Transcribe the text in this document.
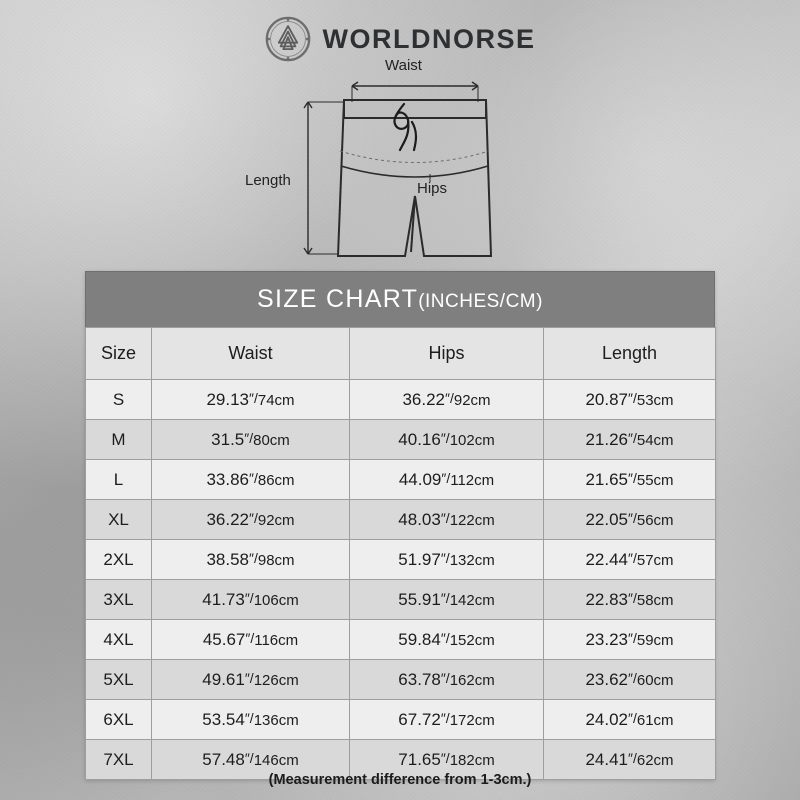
WORLDNORSE
Waist
Length	Hips
SIZE CHART(INCHES/CM)
Size	Waist	Hips	Length
S	29.13″/74cm	36.22″/92cm	20.87″/53cm
M	31.5″/80cm	40.16″/102cm	21.26″/54cm
L	33.86″/86cm	44.09″/112cm	21.65″/55cm
XL	36.22″/92cm	48.03″/122cm	22.05″/56cm
2XL	38.58″/98cm	51.97″/132cm	22.44″/57cm
3XL	41.73″/106cm	55.91″/142cm	22.83″/58cm
4XL	45.67″/116cm	59.84″/152cm	23.23″/59cm
5XL	49.61″/126cm	63.78″/162cm	23.62″/60cm
6XL	53.54″/136cm	67.72″/172cm	24.02″/61cm
7XL	57.48″/146cm	71.65″/182cm	24.41″/62cm
(Measurement difference from 1-3cm.)
